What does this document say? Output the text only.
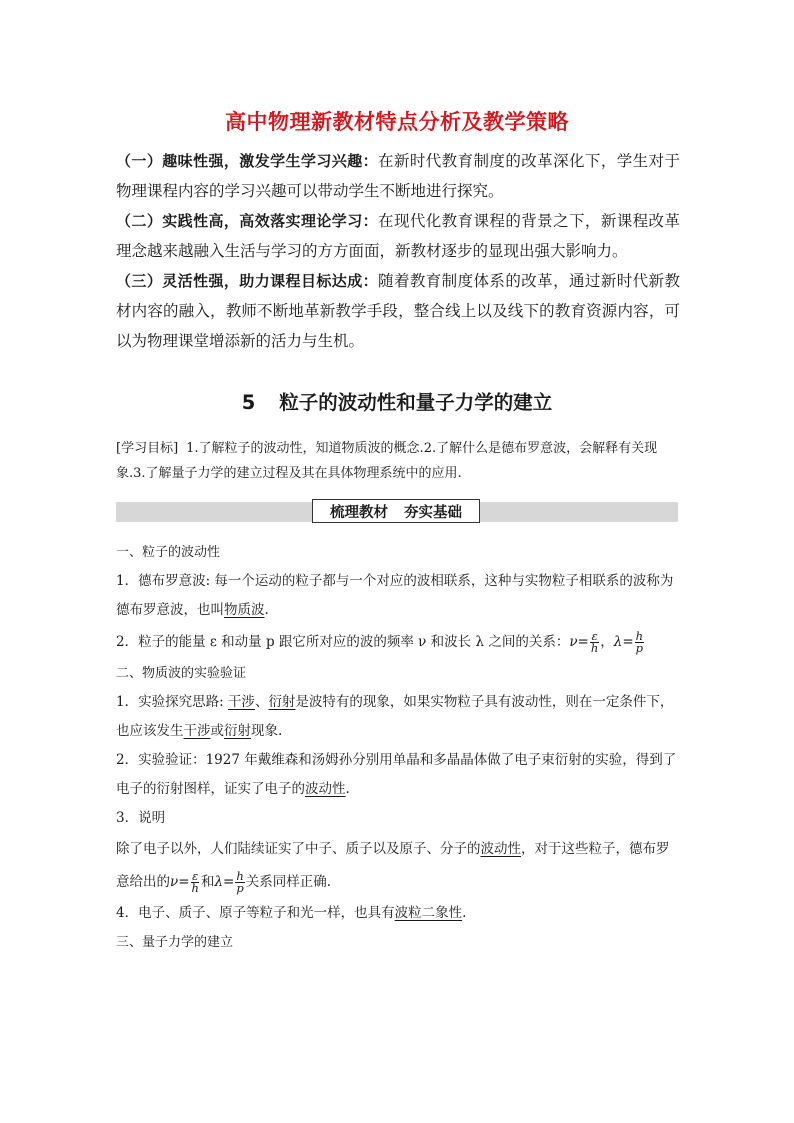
高中物理新教材特点分析及教学策略

（一）趣味性强，激发学生学习兴趣：在新时代教育制度的改革深化下，学生对于物理课程内容的学习兴趣可以带动学生不断地进行探究。

（二）实践性高，高效落实理论学习：在现代化教育课程的背景之下，新课程改革理念越来越融入生活与学习的方方面面，新教材逐步的显现出强大影响力。

（三）灵活性强，助力课程目标达成：随着教育制度体系的改革，通过新时代新教材内容的融入，教师不断地革新教学手段，整合线上以及线下的教育资源内容，可以为物理课堂增添新的活力与生机。

5 粒子的波动性和量子力学的建立
[学习目标] 1.了解粒子的波动性，知道物质波的概念.2.了解什么是德布罗意波，会解释有关现象.3.了解量子力学的建立过程及其在具体物理系统中的应用.
梳理教材 夯实基础

一、粒子的波动性

1．德布罗意波: 每一个运动的粒子都与一个对应的波相联系，这种与实物粒子相联系的波称为德布罗意波，也叫物质波.

2．粒子的能量 ε 和动量 p 跟它所对应的波的频率 ν 和波长 λ 之间的关系：$\nu= \frac{\varepsilon}{h}$ ，$\lambda= \frac{h}{p}$

二、物质波的实验验证

1．实验探究思路: 干涉、衍射是波特有的现象，如果实物粒子具有波动性，则在一定条件下，也应该发生干涉或衍射现象.

2．实验验证：1927 年戴维森和汤姆孙分别用单晶和多晶晶体做了电子束衍射的实验，得到了电子的衍射图样，证实了电子的波动性.

3．说明

除了电子以外，人们陆续证实了中子、质子以及原子、分子的波动性，对于这些粒子，德布罗意给出的$\nu= \frac{\varepsilon}{h}$ 和$\lambda= \frac{h}{p}$ 关系同样正确.

4．电子、质子、原子等粒子和光一样，也具有波粒二象性.

三、量子力学的建立
